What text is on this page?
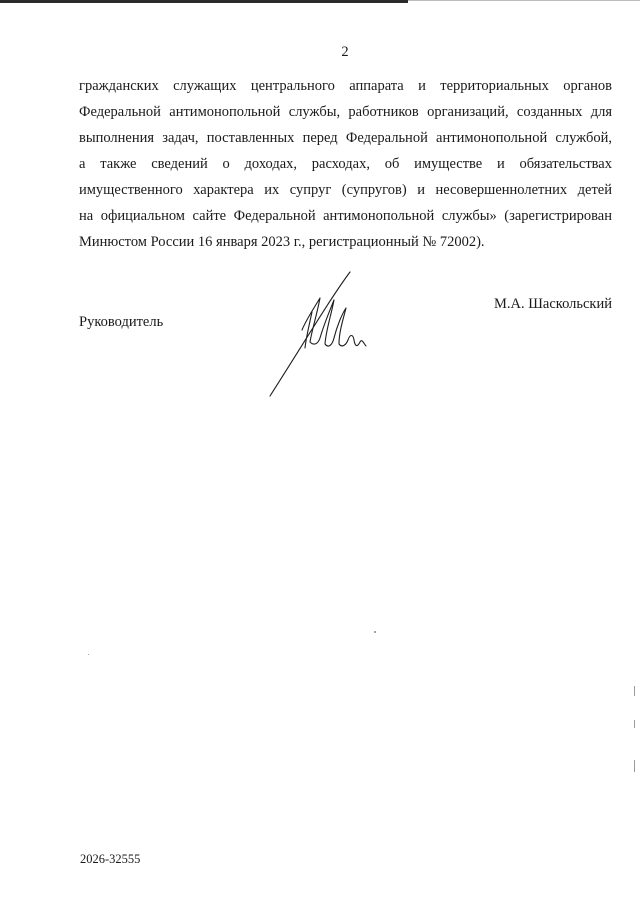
2
гражданских служащих центрального аппарата и территориальных органов
Федеральной антимонопольной службы, работников организаций, созданных для
выполнения задач, поставленных перед Федеральной антимонопольной службой,
а также сведений о доходах, расходах, об имуществе и обязательствах
имущественного характера их супруг (супругов) и несовершеннолетних детей
на официальном сайте Федеральной антимонопольной службы» (зарегистрирован
Минюстом России 16 января 2023 г., регистрационный № 72002).
М.А. Шаскольский
Руководитель
2026-32555
